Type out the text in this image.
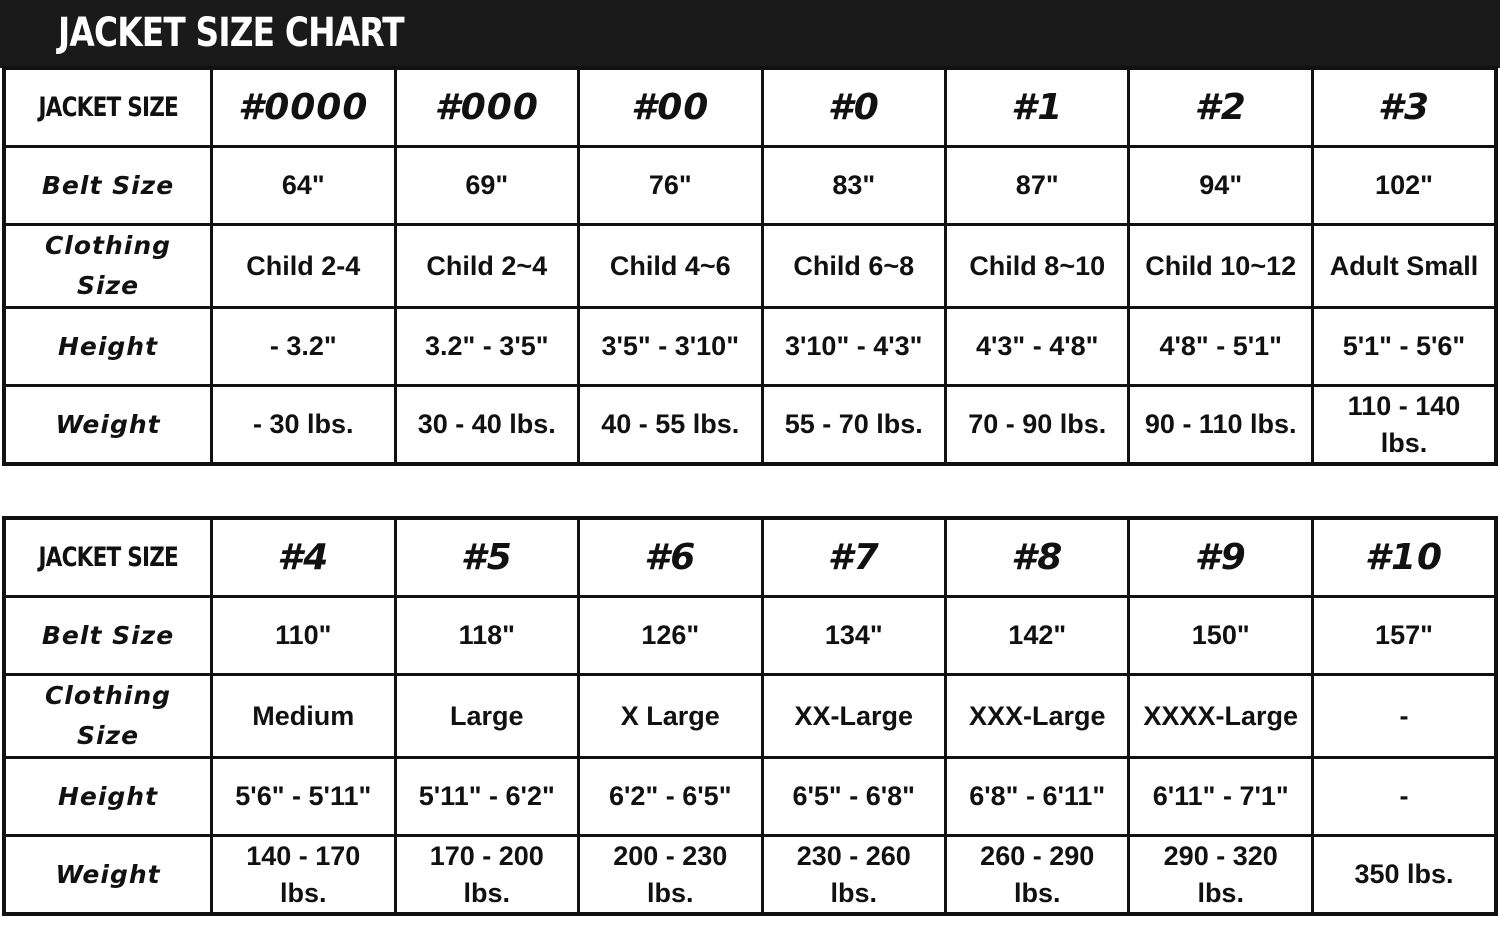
JACKET SIZE CHART
JACKET SIZE	#0000	#000	#00	#0	#1	#2	#3
Belt Size	64"	69"	76"	83"	87"	94"	102"
Clothing Size	Child 2-4	Child 2~4	Child 4~6	Child 6~8	Child 8~10	Child 10~12	Adult Small
Height	- 3.2"	3.2" - 3'5"	3'5" - 3'10"	3'10" - 4'3"	4'3" - 4'8"	4'8" - 5'1"	5'1" - 5'6"
Weight	- 30 lbs.	30 - 40 lbs.	40 - 55 lbs.	55 - 70 lbs.	70 - 90 lbs.	90 - 110 lbs.	110 - 140 lbs.
JACKET SIZE	#4	#5	#6	#7	#8	#9	#10
Belt Size	110"	118"	126"	134"	142"	150"	157"
Clothing Size	Medium	Large	X Large	XX-Large	XXX-Large	XXXX-Large	-
Height	5'6" - 5'11"	5'11" - 6'2"	6'2" - 6'5"	6'5" - 6'8"	6'8" - 6'11"	6'11" - 7'1"	-
Weight	140 - 170 lbs.	170 - 200 lbs.	200 - 230 lbs.	230 - 260 lbs.	260 - 290 lbs.	290 - 320 lbs.	350 lbs.
